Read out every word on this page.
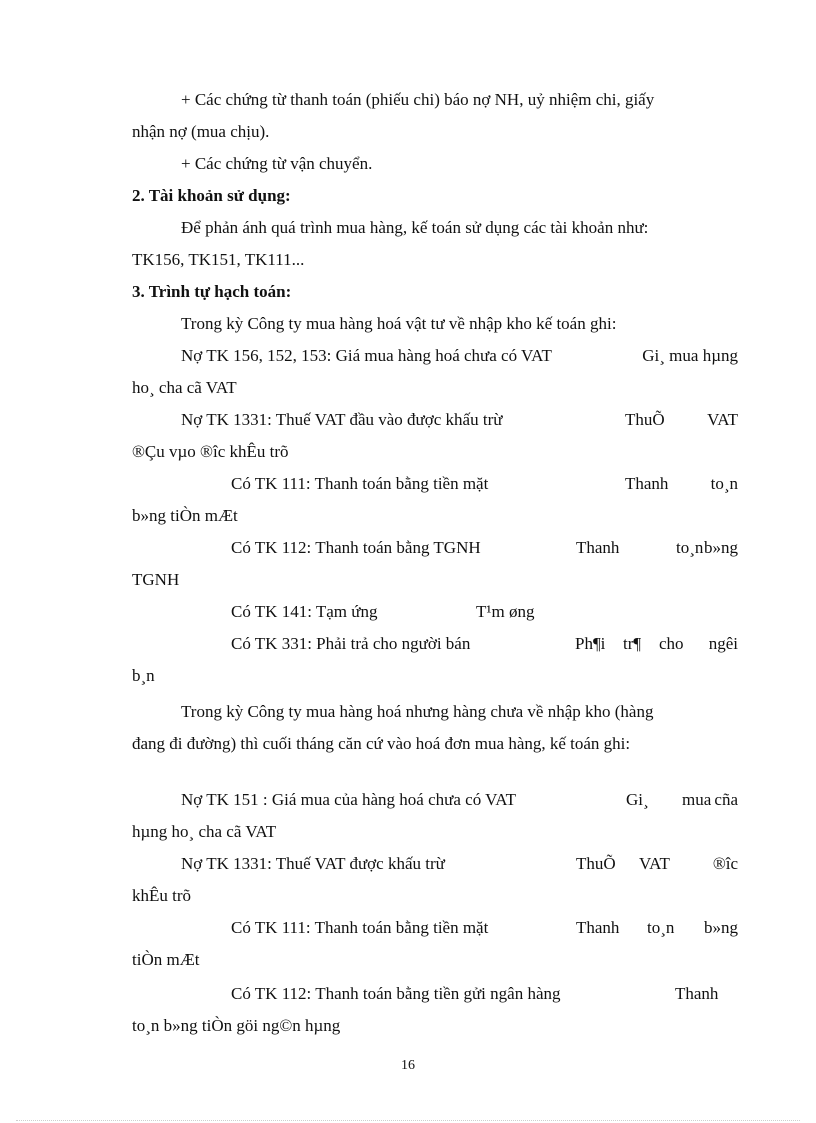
+ Các chứng từ thanh toán (phiếu chi) báo nợ NH, uỷ nhiệm chi, giấy

nhận nợ (mua chịu).

+ Các chứng từ vận chuyển.

2. Tài khoản sử dụng:

Để phản ánh quá trình mua hàng, kế toán sử dụng các tài khoản như:

TK156, TK151, TK111...

3. Trình tự hạch toán:

Trong kỳ Công ty mua hàng hoá vật tư về nhập kho kế toán ghi:

Nợ TK 156, 152, 153: Giá mua hàng hoá chưa có VAT	Gi¸ mua hµng

ho¸ cha cã VAT

Nợ TK 1331: Thuế VAT đầu vào được khấu trừ	ThuÕ VAT

®Çu vµo ®îc khÊu trõ

Có TK 111: Thanh toán bằng tiền mặt	Thanh to¸n

b»ng tiÒn mÆt

Có TK 112: Thanh toán bằng TGNH	Thanh	to¸n b»ng

TGNH

Có TK 141: Tạm ứng	T¹m øng
Có TK 331: Phải trả cho người bán	Ph¶i tr¶ cho ngêi

b¸n

Trong kỳ Công ty mua hàng hoá nhưng hàng chưa về nhập kho (hàng

đang đi đường) thì cuối tháng căn cứ vào hoá đơn mua hàng, kế toán ghi:

Nợ TK 151 : Giá mua của hàng hoá chưa có VAT	Gi¸ mua cña

hµng ho¸ cha cã VAT

Nợ TK 1331: Thuế VAT được khấu trừ	ThuÕ VAT	®îc

khÊu trõ

Có TK 111: Thanh toán bằng tiền mặt	Thanh to¸n b»ng

tiÒn mÆt

Có TK 112: Thanh toán bằng tiền gửi ngân hàng	Thanh

to¸n b»ng tiÒn göi ng©n hµng

16
